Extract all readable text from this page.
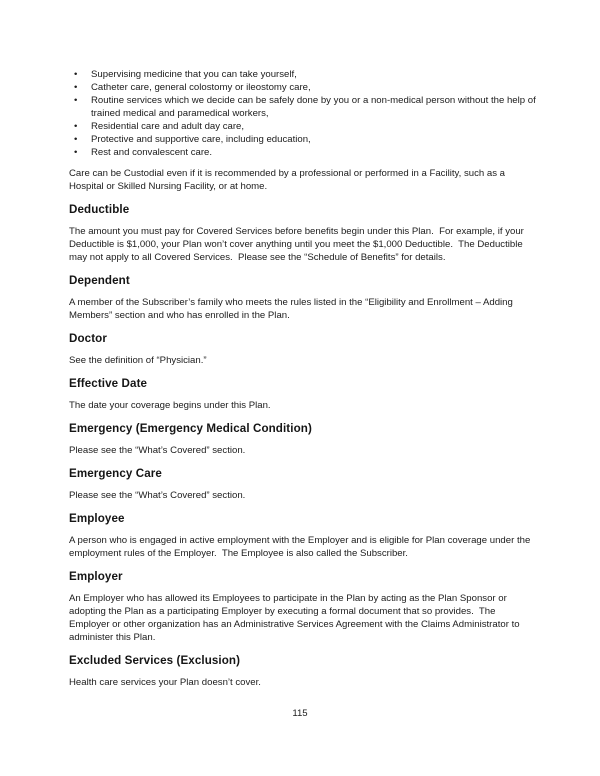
• Supervising medicine that you can take yourself,
• Catheter care, general colostomy or ileostomy care,
• Routine services which we decide can be safely done by you or a non-medical person without the help of trained medical and paramedical workers,
• Residential care and adult day care,
• Protective and supportive care, including education,
• Rest and convalescent care.

Care can be Custodial even if it is recommended by a professional or performed in a Facility, such as a Hospital or Skilled Nursing Facility, or at home.

Deductible

The amount you must pay for Covered Services before benefits begin under this Plan.  For example, if your Deductible is $1,000, your Plan won’t cover anything until you meet the $1,000 Deductible.  The Deductible may not apply to all Covered Services.  Please see the “Schedule of Benefits” for details.

Dependent

A member of the Subscriber’s family who meets the rules listed in the “Eligibility and Enrollment – Adding Members” section and who has enrolled in the Plan.

Doctor

See the definition of “Physician.”

Effective Date

The date your coverage begins under this Plan.

Emergency (Emergency Medical Condition)

Please see the “What’s Covered” section.

Emergency Care

Please see the “What’s Covered” section.

Employee

A person who is engaged in active employment with the Employer and is eligible for Plan coverage under the employment rules of the Employer.  The Employee is also called the Subscriber.

Employer

An Employer who has allowed its Employees to participate in the Plan by acting as the Plan Sponsor or adopting the Plan as a participating Employer by executing a formal document that so provides.  The Employer or other organization has an Administrative Services Agreement with the Claims Administrator to administer this Plan.

Excluded Services (Exclusion)

Health care services your Plan doesn’t cover.

115
